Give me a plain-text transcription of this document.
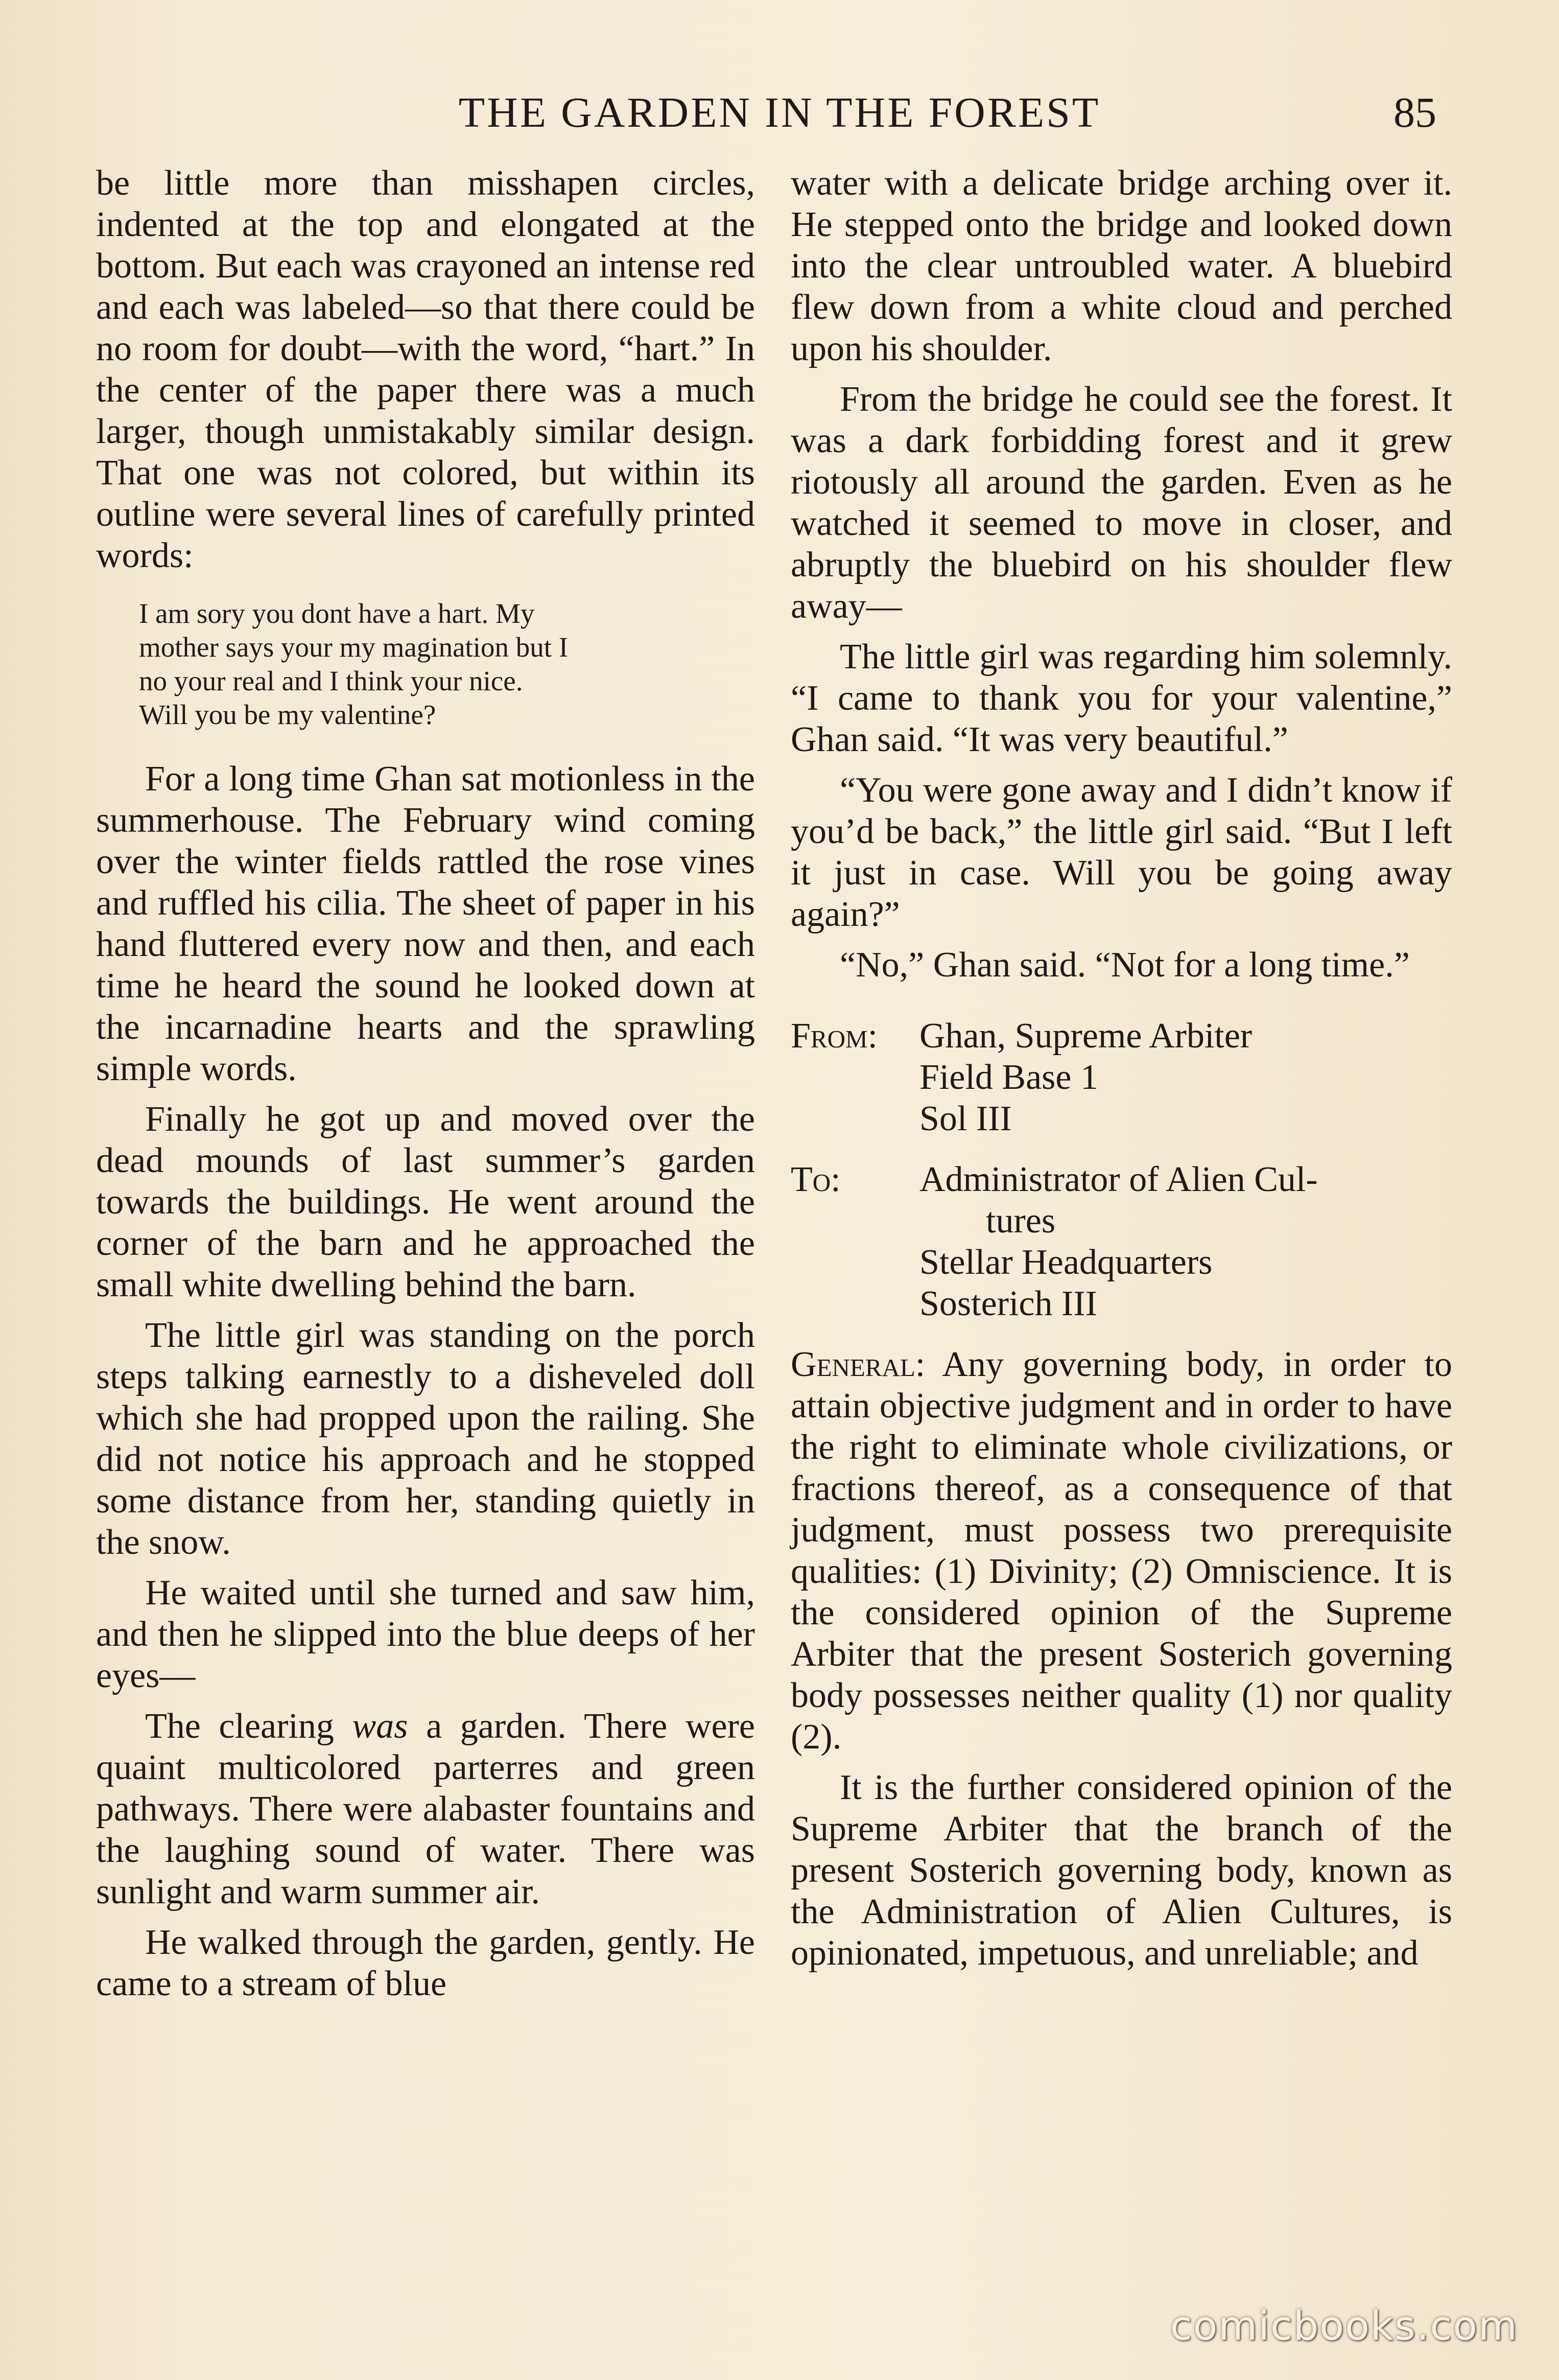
THE GARDEN IN THE FOREST	85

be little more than misshapen circles, indented at the top and elongated at the bottom. But each was crayoned an intense red and each was labeled—so that there could be no room for doubt—with the word, “hart.” In the center of the paper there was a much larger, though unmistakably similar design. That one was not colored, but within its outline were several lines of carefully printed words:

I am sory you dont have a hart. My
mother says your my magination but I
no your real and I think your nice.
Will you be my valentine?

For a long time Ghan sat motionless in the summerhouse. The February wind coming over the winter fields rattled the rose vines and ruffled his cilia. The sheet of paper in his hand fluttered every now and then, and each time he heard the sound he looked down at the incarnadine hearts and the sprawling simple words.

Finally he got up and moved over the dead mounds of last summer’s garden towards the buildings. He went around the corner of the barn and he approached the small white dwelling behind the barn.

The little girl was standing on the porch steps talking earnestly to a disheveled doll which she had propped upon the railing. She did not notice his approach and he stopped some distance from her, standing quietly in the snow.

He waited until she turned and saw him, and then he slipped into the blue deeps of her eyes—

The clearing was a garden. There were quaint multicolored parterres and green pathways. There were alabaster fountains and the laughing sound of water. There was sunlight and warm summer air.

He walked through the garden, gently. He came to a stream of blue

water with a delicate bridge arching over it. He stepped onto the bridge and looked down into the clear untroubled water. A bluebird flew down from a white cloud and perched upon his shoulder.

From the bridge he could see the forest. It was a dark forbidding forest and it grew riotously all around the garden. Even as he watched it seemed to move in closer, and abruptly the bluebird on his shoulder flew away—

The little girl was regarding him solemnly. “I came to thank you for your valentine,” Ghan said. “It was very beautiful.”

“You were gone away and I didn’t know if you’d be back,” the little girl said. “But I left it just in case. Will you be going away again?”

“No,” Ghan said. “Not for a long time.”

From:	Ghan, Supreme Arbiter
Field Base 1
Sol III
To:	Administrator of Alien Cul-
tures
Stellar Headquarters
Sosterich III

General: Any governing body, in order to attain objective judgment and in order to have the right to eliminate whole civilizations, or fractions thereof, as a consequence of that judgment, must possess two prerequisite qualities: (1) Divinity; (2) Omniscience. It is the considered opinion of the Supreme Arbiter that the present Sosterich governing body possesses neither quality (1) nor quality (2).

It is the further considered opinion of the Supreme Arbiter that the branch of the present Sosterich governing body, known as the Administration of Alien Cultures, is opinionated, impetuous, and unreliable; and

comicbooks.com
